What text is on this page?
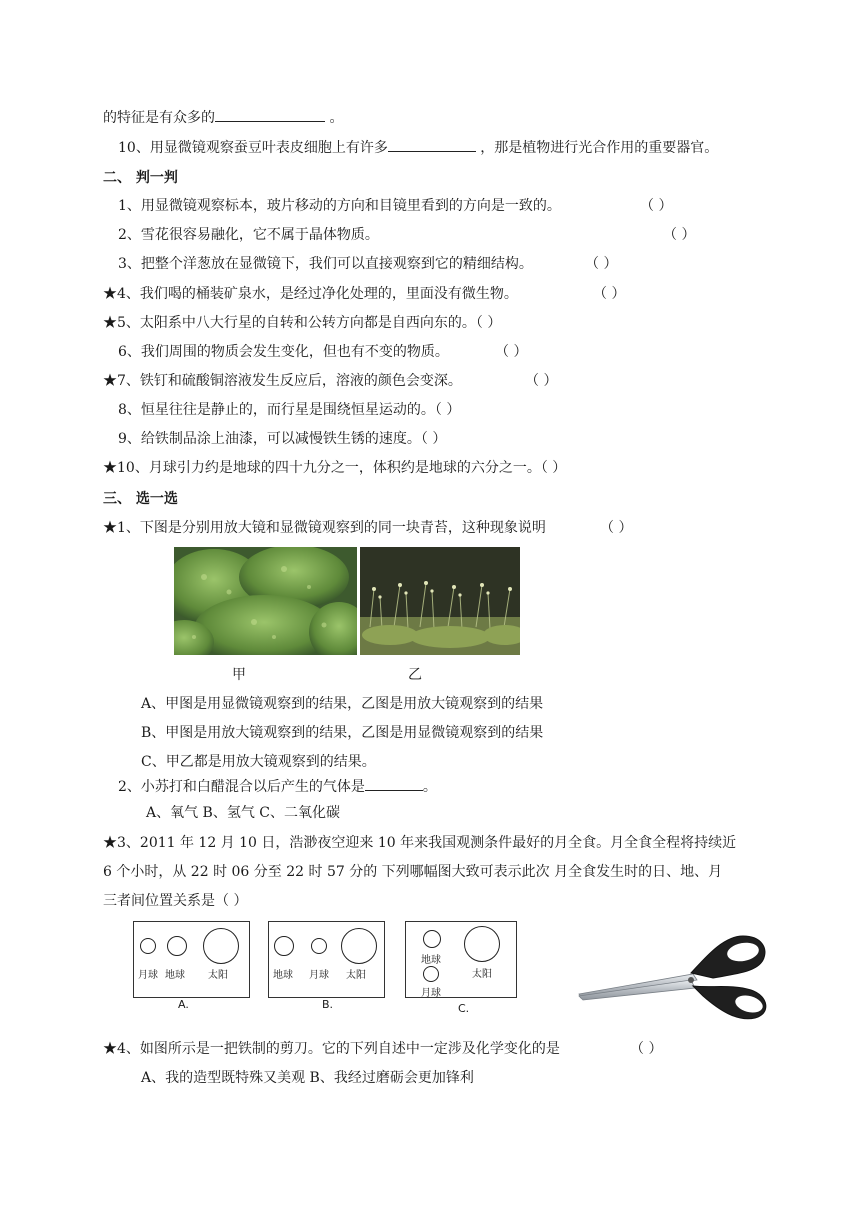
的特征是有众多的	。
10、用显微镜观察蚕豆叶表皮细胞上有许多	，那是植物进行光合作用的重要器官。
二、 判一判
1、用显微镜观察标本，玻片移动的方向和目镜里看到的方向是一致的。	（ ）
2、雪花很容易融化，它不属于晶体物质。	（ ）
3、把整个洋葱放在显微镜下，我们可以直接观察到它的精细结构。	（ ）
★4、我们喝的桶装矿泉水，是经过净化处理的，里面没有微生物。	（ ）
★5、太阳系中八大行星的自转和公转方向都是自西向东的。（ ）
6、我们周围的物质会发生变化，但也有不变的物质。	（ ）
★7、铁钉和硫酸铜溶液发生反应后，溶液的颜色会变深。	（ ）
8、恒星往往是静止的，而行星是围绕恒星运动的。（ ）
9、给铁制品涂上油漆，可以减慢铁生锈的速度。（ ）
★10、月球引力约是地球的四十九分之一，体积约是地球的六分之一。（ ）
三、 选一选
★1、下图是分别用放大镜和显微镜观察到的同一块青苔，这种现象说明	（ ）
甲	乙
A、甲图是用显微镜观察到的结果，乙图是用放大镜观察到的结果
B、甲图是用放大镜观察到的结果，乙图是用显微镜观察到的结果
C、甲乙都是用放大镜观察到的结果。
2、小苏打和白醋混合以后产生的气体是	。
A、氧气 B、氢气 C、二氧化碳
★3、2011 年 12 月 10 日，浩渺夜空迎来 10 年来我国观测条件最好的月全食。月全食全程将持续近
6 个小时，从 22 时 06 分至 22 时 57 分的 下列哪幅图大致可表示此次 月全食发生时的日、地、月
三者间位置关系是（ ）
月球 地球 太阳
A.
地球 月球 太阳
B.
地球
太阳
月球
C.
★4、如图所示是一把铁制的剪刀。它的下列自述中一定涉及化学变化的是	（ ）
A、我的造型既特殊又美观 B、我经过磨砺会更加锋利
